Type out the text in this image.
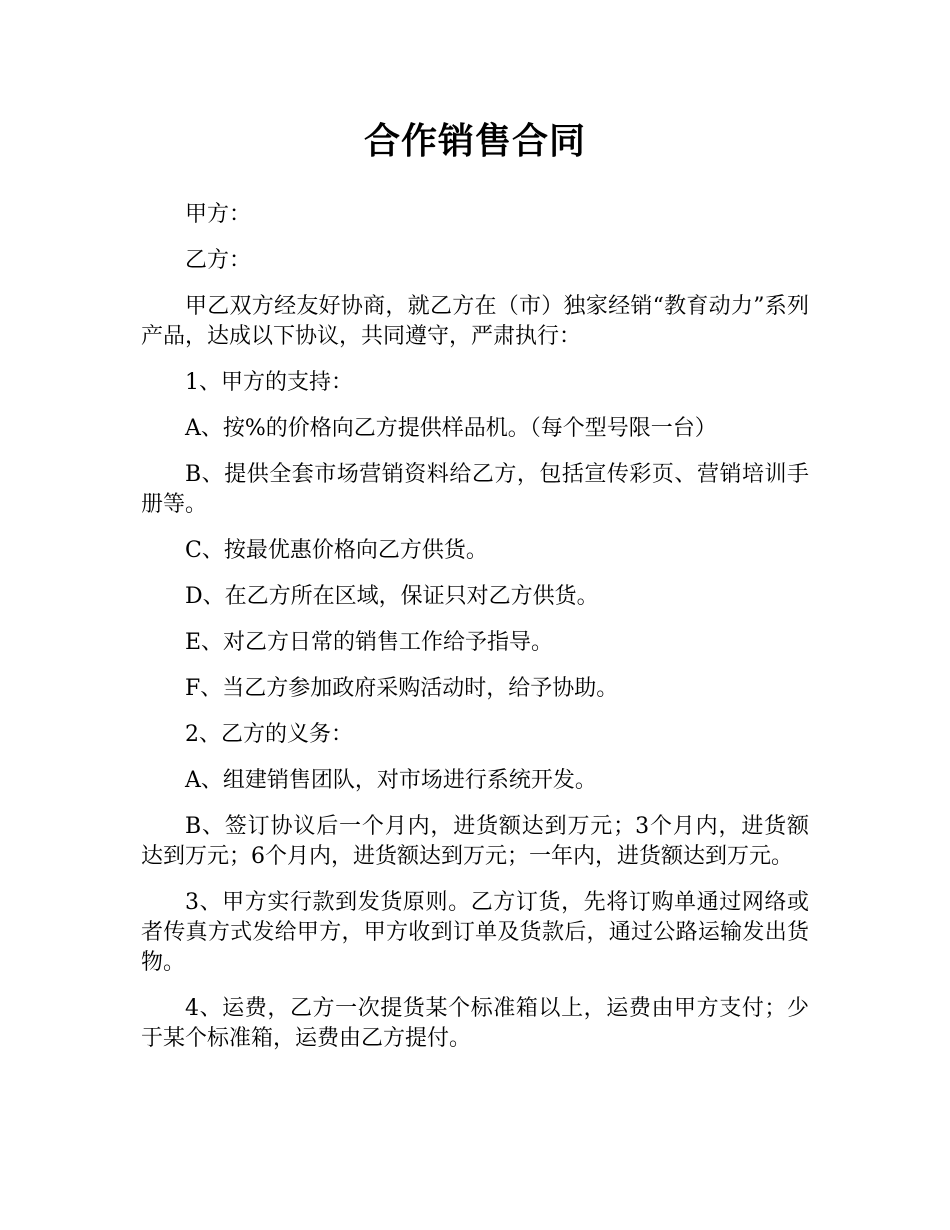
合作销售合同

甲方：

乙方：

甲乙双方经友好协商，就乙方在（市）独家经销“教育动力”系列产品，达成以下协议，共同遵守，严肃执行：

1、甲方的支持：

A、按%的价格向乙方提供样品机。（每个型号限一台）

B、提供全套市场营销资料给乙方，包括宣传彩页、营销培训手册等。

C、按最优惠价格向乙方供货。

D、在乙方所在区域，保证只对乙方供货。

E、对乙方日常的销售工作给予指导。

F、当乙方参加政府采购活动时，给予协助。

2、乙方的义务：

A、组建销售团队，对市场进行系统开发。

B、签订协议后一个月内，进货额达到万元；3个月内，进货额达到万元；6个月内，进货额达到万元；一年内，进货额达到万元。

3、甲方实行款到发货原则。乙方订货，先将订购单通过网络或者传真方式发给甲方，甲方收到订单及货款后，通过公路运输发出货物。

4、运费，乙方一次提货某个标准箱以上，运费由甲方支付；少于某个标准箱，运费由乙方提付。
